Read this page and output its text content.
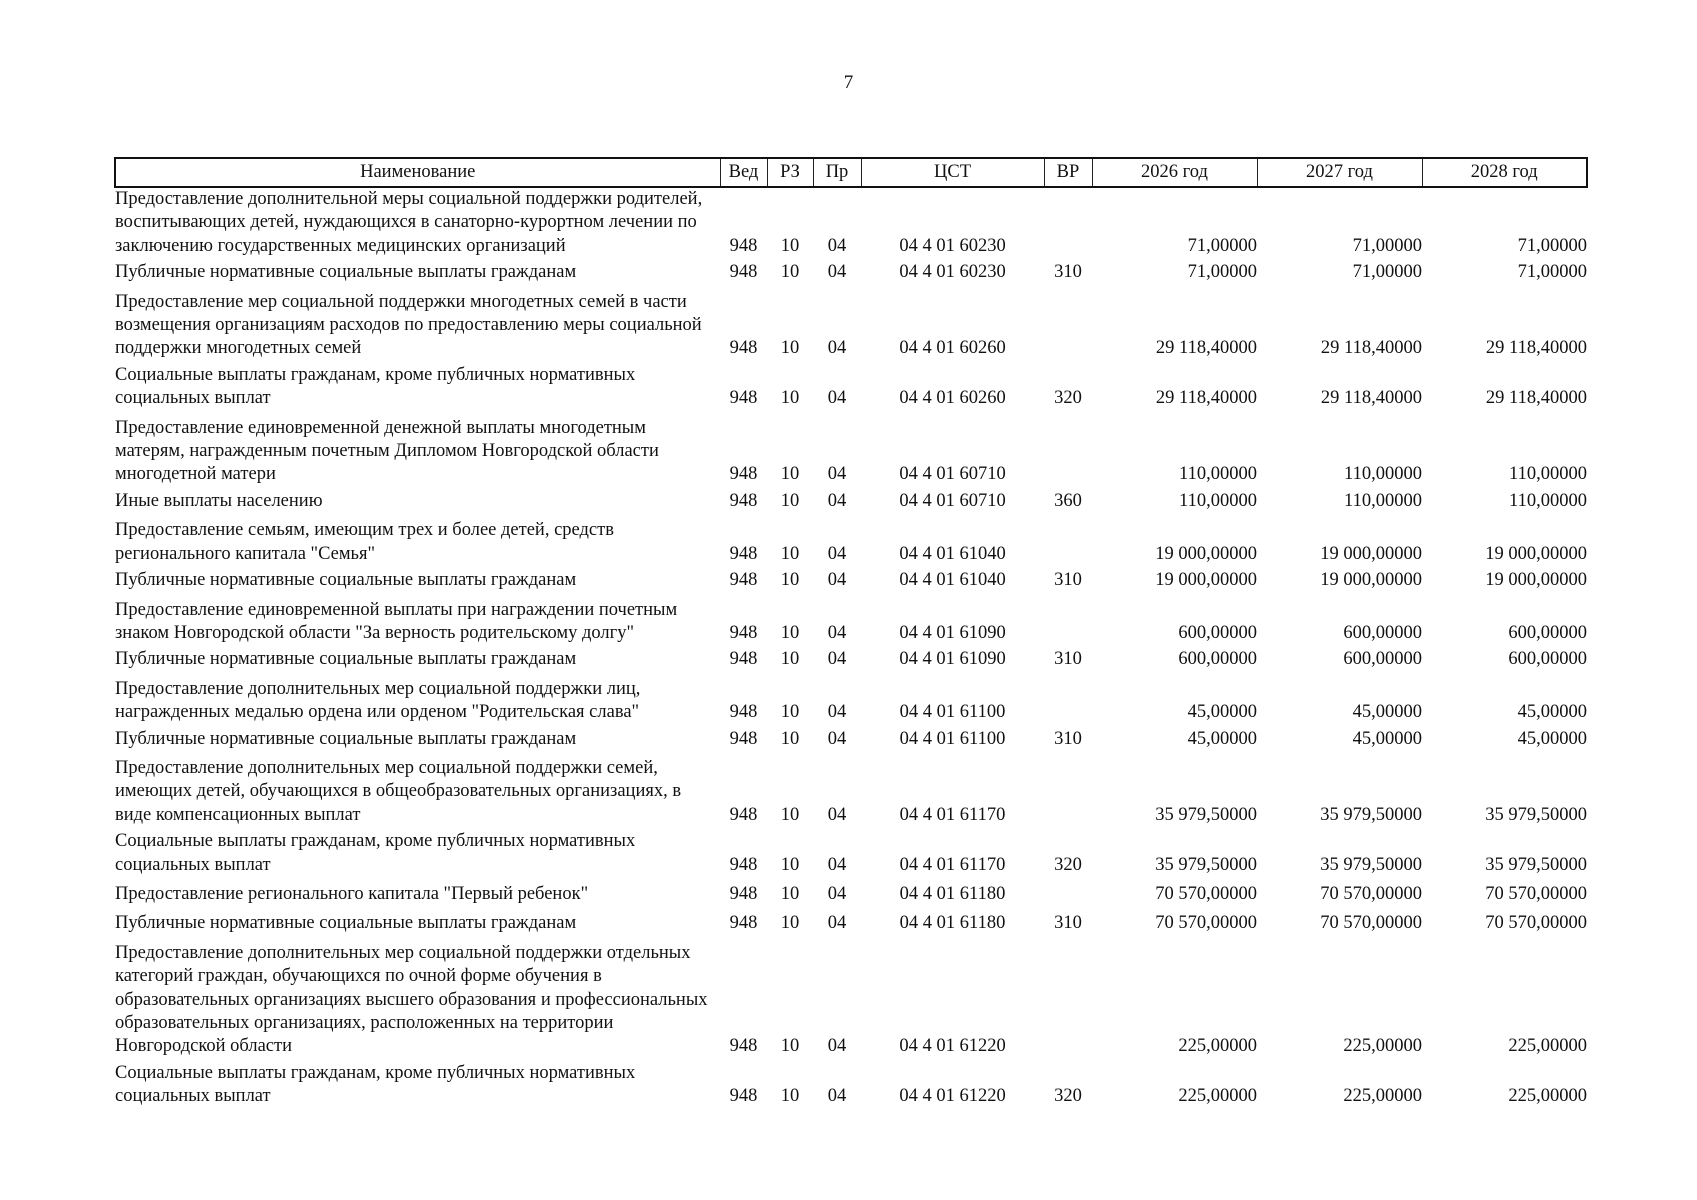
7
Наименование	Вед	РЗ	Пр	ЦСТ	ВР	2026 год	2027 год	2028 год
Предоставление дополнительной меры социальной поддержки родителей, воспитывающих детей, нуждающихся в санаторно-курортном лечении по заключению государственных медицинских организаций	948	10	04	04 4 01 60230		71,00000	71,00000	71,00000
Публичные нормативные социальные выплаты гражданам	948	10	04	04 4 01 60230	310	71,00000	71,00000	71,00000
Предоставление мер социальной поддержки многодетных семей в части возмещения организациям расходов по предоставлению меры социальной поддержки многодетных семей	948	10	04	04 4 01 60260		29 118,40000	29 118,40000	29 118,40000
Социальные выплаты гражданам, кроме публичных нормативных социальных выплат	948	10	04	04 4 01 60260	320	29 118,40000	29 118,40000	29 118,40000
Предоставление единовременной денежной выплаты многодетным матерям, награжденным почетным Дипломом Новгородской области многодетной матери	948	10	04	04 4 01 60710		110,00000	110,00000	110,00000
Иные выплаты населению	948	10	04	04 4 01 60710	360	110,00000	110,00000	110,00000
Предоставление семьям, имеющим трех и более детей, средств регионального капитала "Семья"	948	10	04	04 4 01 61040		19 000,00000	19 000,00000	19 000,00000
Публичные нормативные социальные выплаты гражданам	948	10	04	04 4 01 61040	310	19 000,00000	19 000,00000	19 000,00000
Предоставление единовременной выплаты при награждении почетным знаком Новгородской области "За верность родительскому долгу"	948	10	04	04 4 01 61090		600,00000	600,00000	600,00000
Публичные нормативные социальные выплаты гражданам	948	10	04	04 4 01 61090	310	600,00000	600,00000	600,00000
Предоставление дополнительных мер социальной поддержки лиц, награжденных медалью ордена или орденом "Родительская слава"	948	10	04	04 4 01 61100		45,00000	45,00000	45,00000
Публичные нормативные социальные выплаты гражданам	948	10	04	04 4 01 61100	310	45,00000	45,00000	45,00000
Предоставление дополнительных мер социальной поддержки семей, имеющих детей, обучающихся в общеобразовательных организациях, в виде компенсационных выплат	948	10	04	04 4 01 61170		35 979,50000	35 979,50000	35 979,50000
Социальные выплаты гражданам, кроме публичных нормативных социальных выплат	948	10	04	04 4 01 61170	320	35 979,50000	35 979,50000	35 979,50000
Предоставление регионального капитала "Первый ребенок"	948	10	04	04 4 01 61180		70 570,00000	70 570,00000	70 570,00000
Публичные нормативные социальные выплаты гражданам	948	10	04	04 4 01 61180	310	70 570,00000	70 570,00000	70 570,00000
Предоставление дополнительных мер социальной поддержки отдельных категорий граждан, обучающихся по очной форме обучения в образовательных организациях высшего образования и профессиональных образовательных организациях, расположенных на территории Новгородской области	948	10	04	04 4 01 61220		225,00000	225,00000	225,00000
Социальные выплаты гражданам, кроме публичных нормативных социальных выплат	948	10	04	04 4 01 61220	320	225,00000	225,00000	225,00000
